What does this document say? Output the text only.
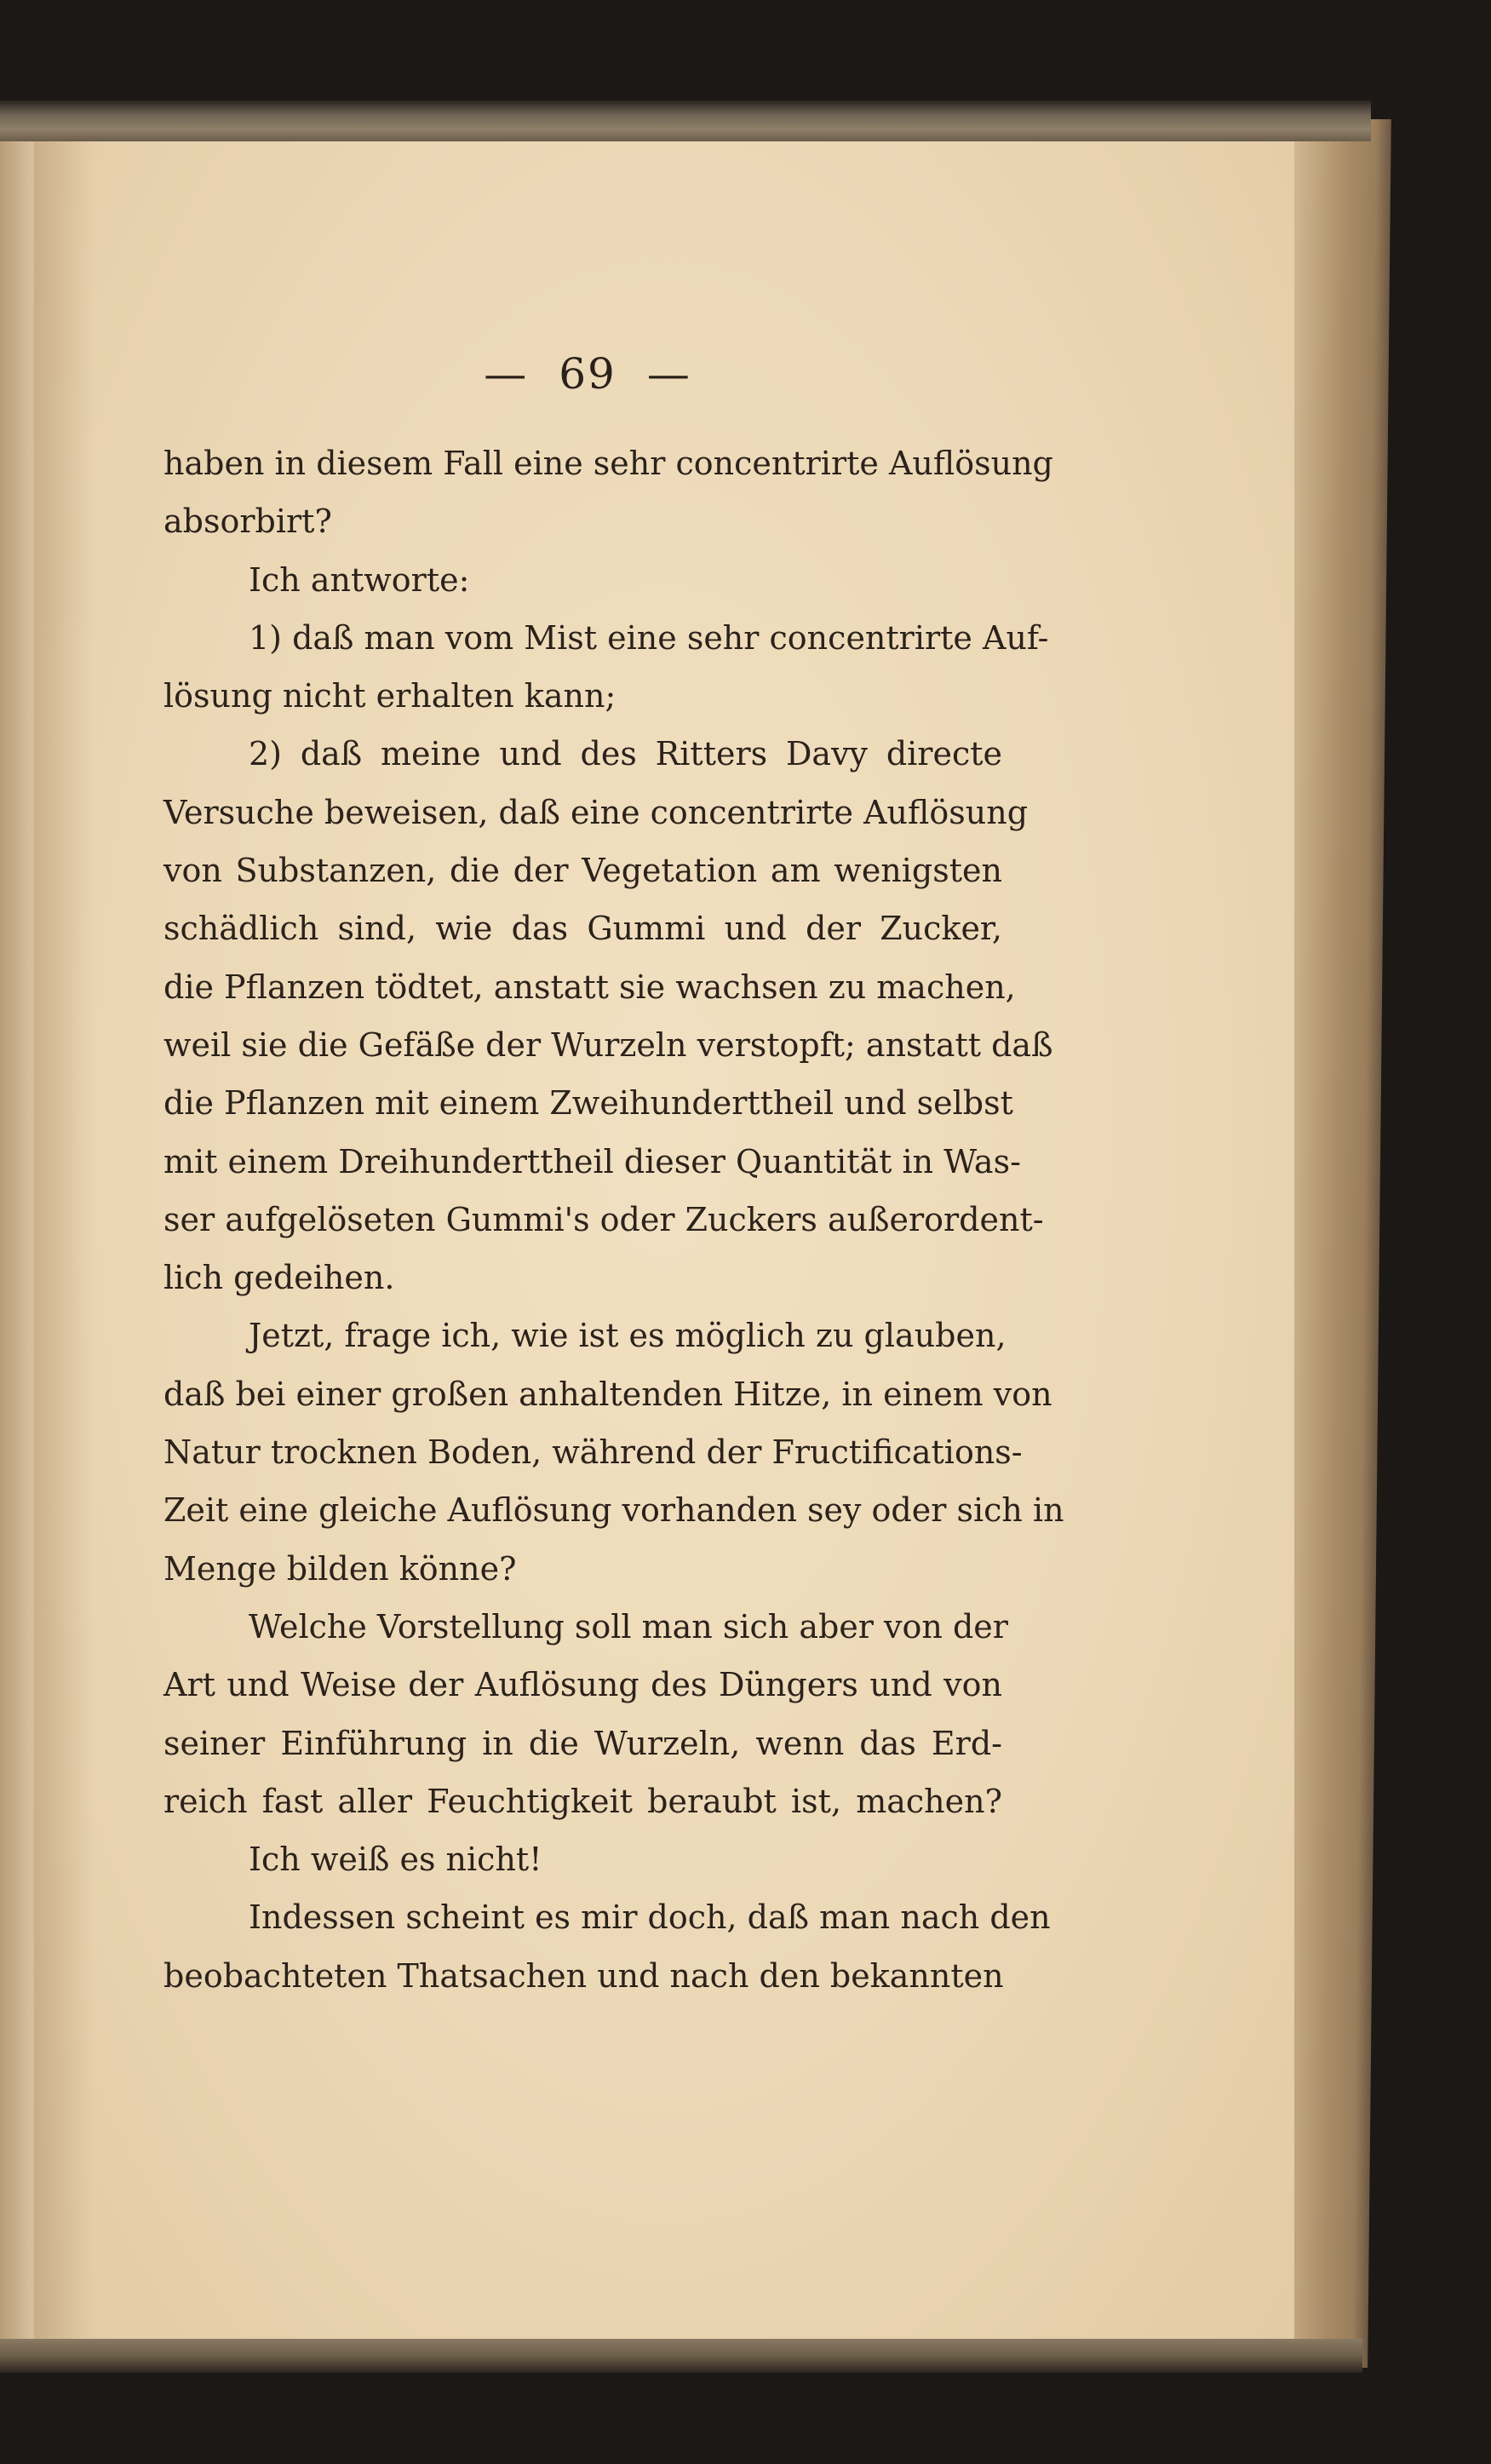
— 69 —
haben in diesem Fall eine sehr concentrirte Auflösung
absorbirt?
Ich antworte:
1) daß man vom Mist eine sehr concentrirte Auf-
lösung nicht erhalten kann;
2) daß meine und des Ritters Davy directe
Versuche beweisen, daß eine concentrirte Auflösung
von Substanzen, die der Vegetation am wenigsten
schädlich sind, wie das Gummi und der Zucker,
die Pflanzen tödtet, anstatt sie wachsen zu machen,
weil sie die Gefäße der Wurzeln verstopft; anstatt daß
die Pflanzen mit einem Zweihunderttheil und selbst
mit einem Dreihunderttheil dieser Quantität in Was-
ser aufgelöseten Gummi's oder Zuckers außerordent-
lich gedeihen.
Jetzt, frage ich, wie ist es möglich zu glauben,
daß bei einer großen anhaltenden Hitze, in einem von
Natur trocknen Boden, während der Fructifications-
Zeit eine gleiche Auflösung vorhanden sey oder sich in
Menge bilden könne?
Welche Vorstellung soll man sich aber von der
Art und Weise der Auflösung des Düngers und von
seiner Einführung in die Wurzeln, wenn das Erd-
reich fast aller Feuchtigkeit beraubt ist, machen?
Ich weiß es nicht!
Indessen scheint es mir doch, daß man nach den
beobachteten Thatsachen und nach den bekannten
